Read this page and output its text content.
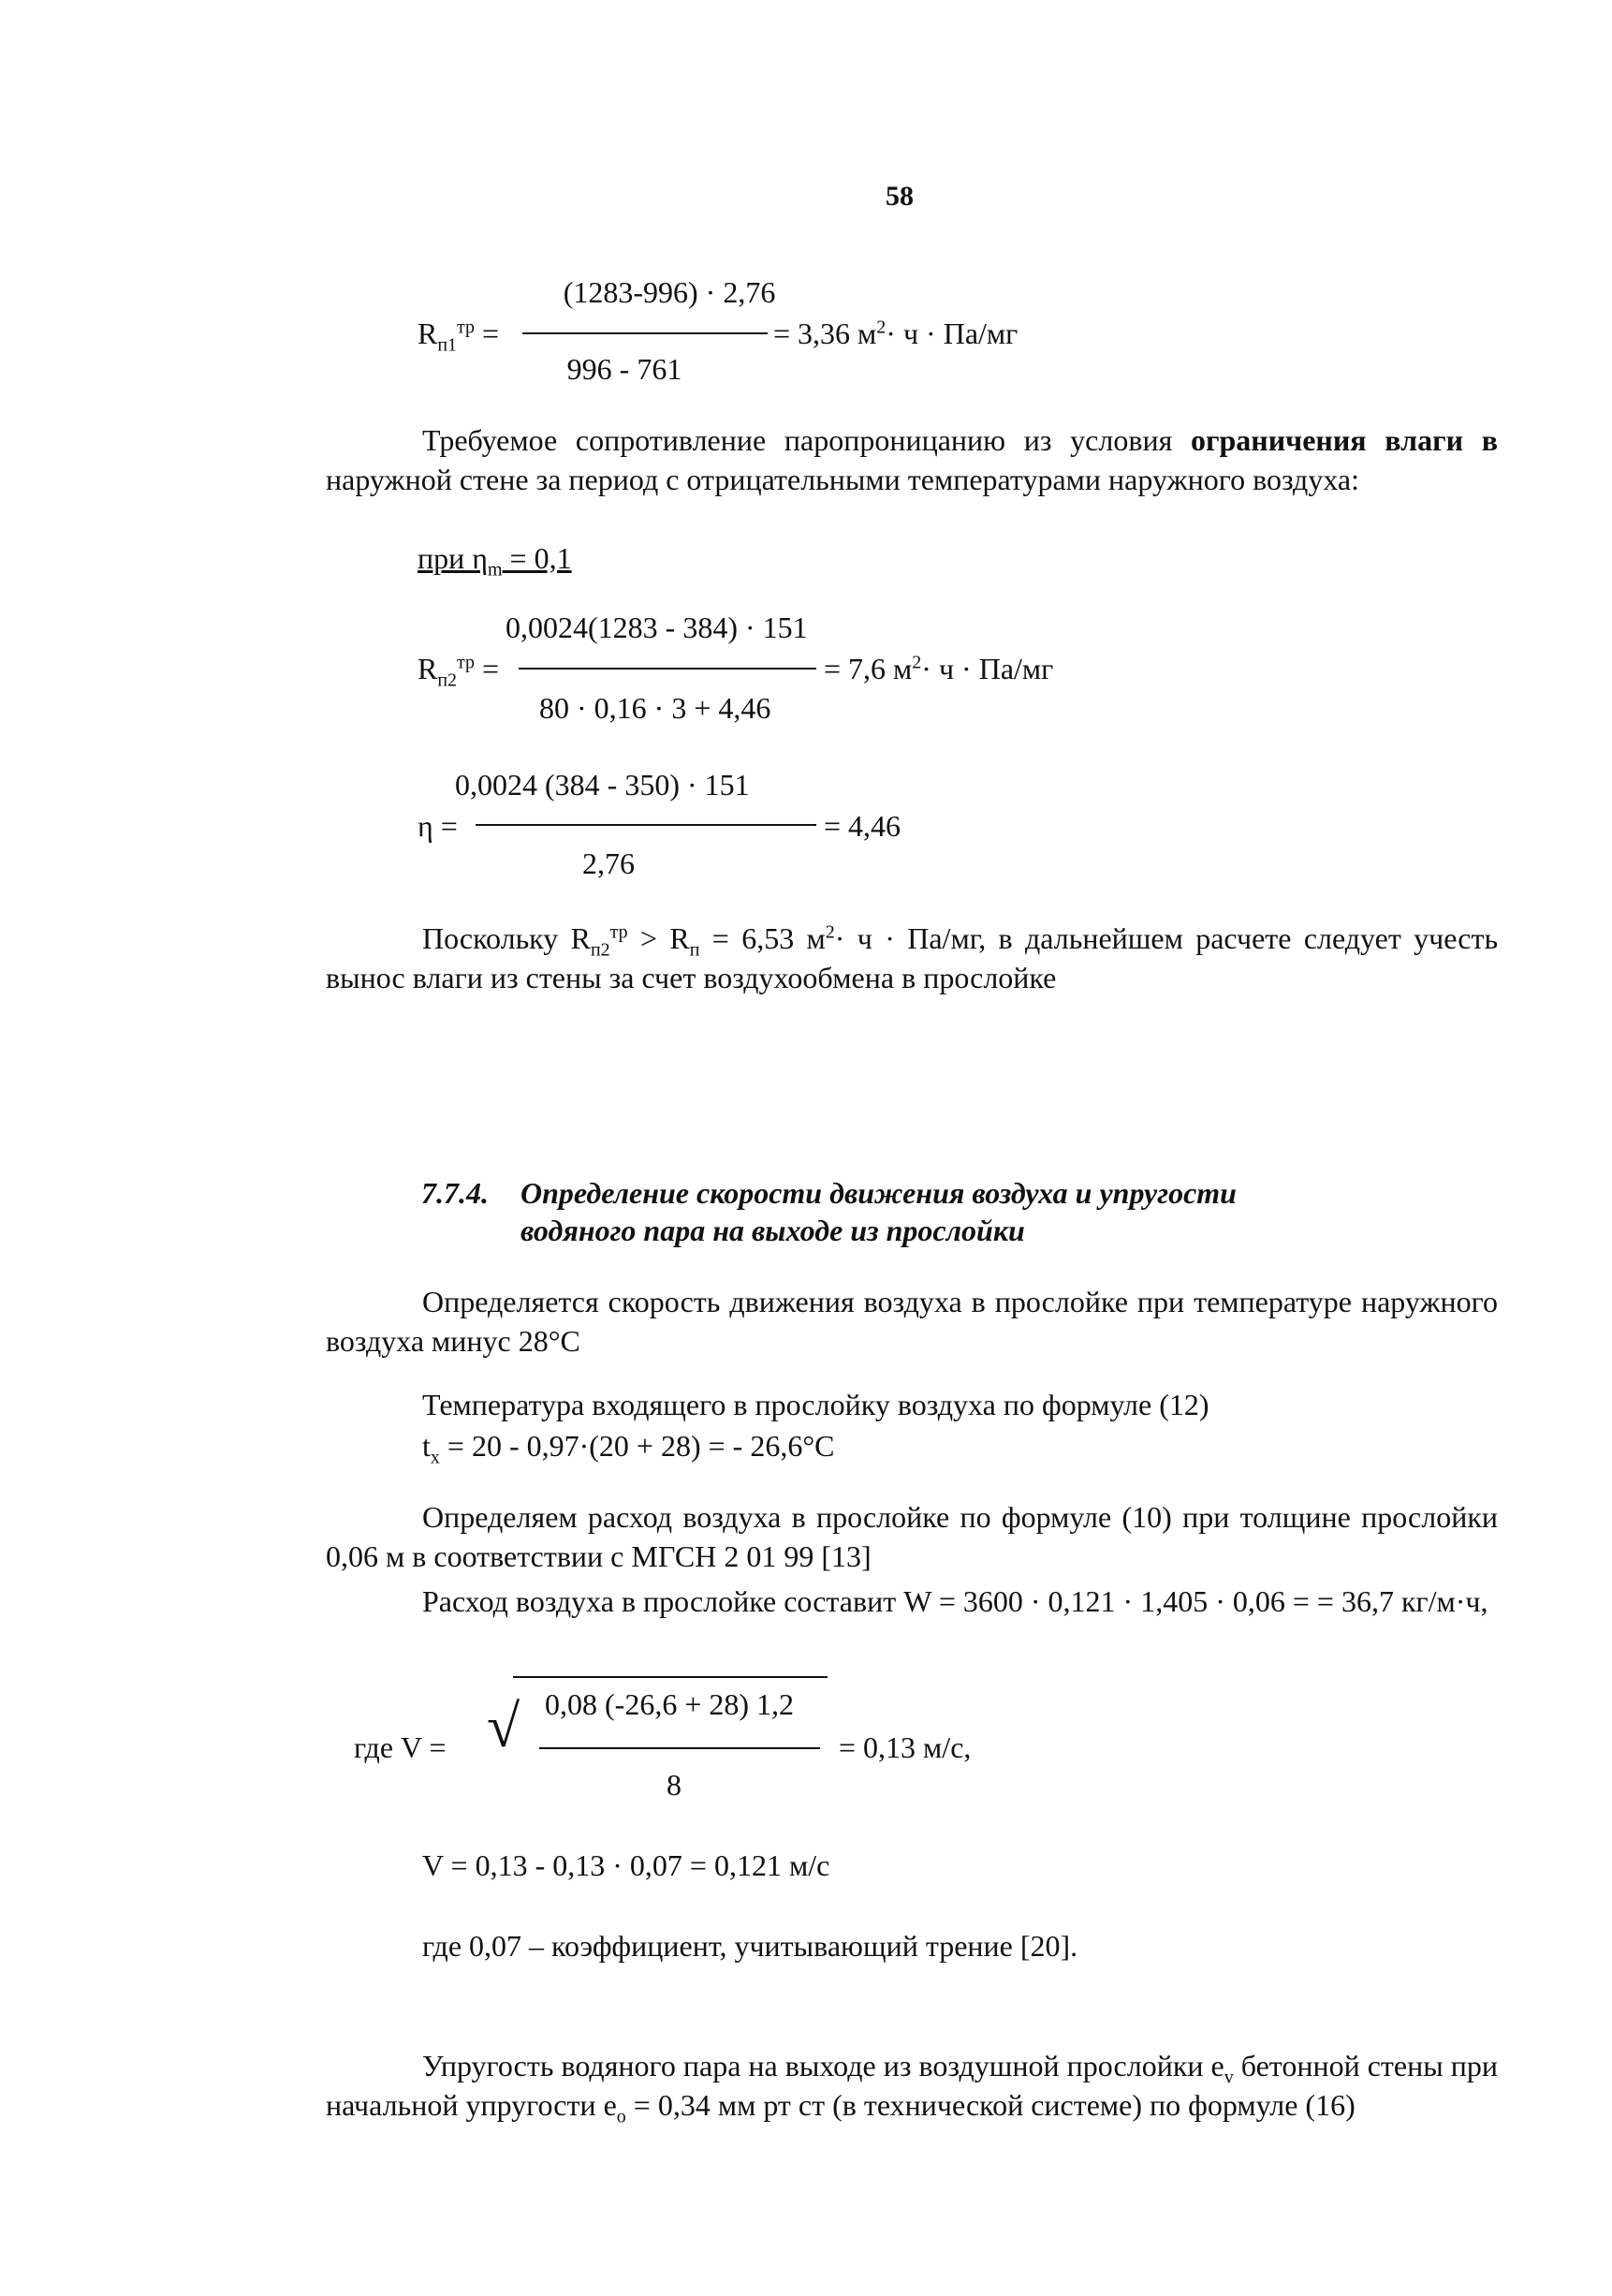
58
(1283-996) · 2,76
$R_{п1}^{тр}$ =	= 3,36 $м^2\cdot ч \cdot Па/мг$
996 - 761
Требуемое сопротивление паропроницанию из условия ограничения влаги в наружной стене за период с отрицательными температурами наружного воздуха:
при $\eta_m = 0,1$
0,0024(1283 - 384) · 151
$R_{п2}^{тр}$ =	= 7,6 $м^2\cdot ч \cdot Па/мг$
80 · 0,16 · 3 + 4,46
0,0024 (384 - 350) · 151
η =	= 4,46
2,76
Поскольку $R_{п2}^{тр} > R_п = 6,53$ $м^2\cdot ч \cdot Па/мг$, в дальнейшем расчете следует учесть вынос влаги из стены за счет воздухообмена в прослойке
7.7.4. Определение скорости движения воздуха и упругости
водяного пара на выходе из прослойки
Определяется скорость движения воздуха в прослойке при температуре наружного воздуха минус 28°С
Температура входящего в прослойку воздуха по формуле (12)
$t_x = 20 - 0,97\cdot(20 + 28)$ = - 26,6°С
Определяем расход воздуха в прослойке по формуле (10) при толщине прослойки 0,06 м в соответствии с МГСН 2 01 99 [13]
Расход воздуха в прослойке составит W = 3600 · 0,121 · 1,405 · 0,06 = = 36,7 кг/м·ч,
0,08 (-26,6 + 28) 1,2
где V = √	= 0,13 м/с,
8
V = 0,13 - 0,13 · 0,07 = 0,121 м/с
где 0,07 – коэффициент, учитывающий трение [20].
Упругость водяного пара на выходе из воздушной прослойки $e_v$ бетонной стены при начальной упругости $e_о = 0,34$ мм рт ст (в технической системе) по формуле (16)
